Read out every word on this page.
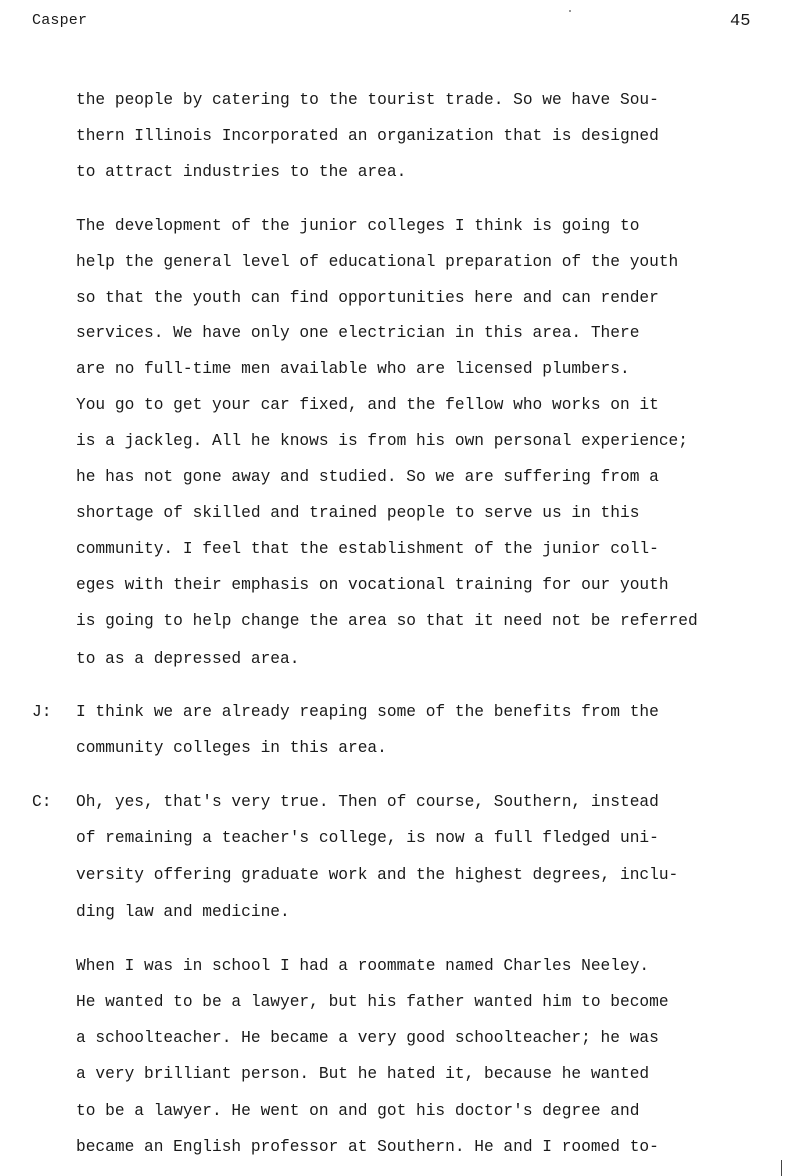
Casper	45
the people by catering to the tourist trade. So we have Sou-
thern Illinois Incorporated an organization that is designed
to attract industries to the area.
The development of the junior colleges I think is going to
help the general level of educational preparation of the youth
so that the youth can find opportunities here and can render
services. We have only one electrician in this area. There
are no full-time men available who are licensed plumbers.
You go to get your car fixed, and the fellow who works on it
is a jackleg. All he knows is from his own personal experience;
he has not gone away and studied. So we are suffering from a
shortage of skilled and trained people to serve us in this
community. I feel that the establishment of the junior coll-
eges with their emphasis on vocational training for our youth
is going to help change the area so that it need not be referred
to as a depressed area.
J: I think we are already reaping some of the benefits from the
community colleges in this area.
C: Oh, yes, that's very true. Then of course, Southern, instead
of remaining a teacher's college, is now a full fledged uni-
versity offering graduate work and the highest degrees, inclu-
ding law and medicine.
When I was in school I had a roommate named Charles Neeley.
He wanted to be a lawyer, but his father wanted him to become
a schoolteacher. He became a very good schoolteacher; he was
a very brilliant person. But he hated it, because he wanted
to be a lawyer. He went on and got his doctor's degree and
became an English professor at Southern. He and I roomed to-
